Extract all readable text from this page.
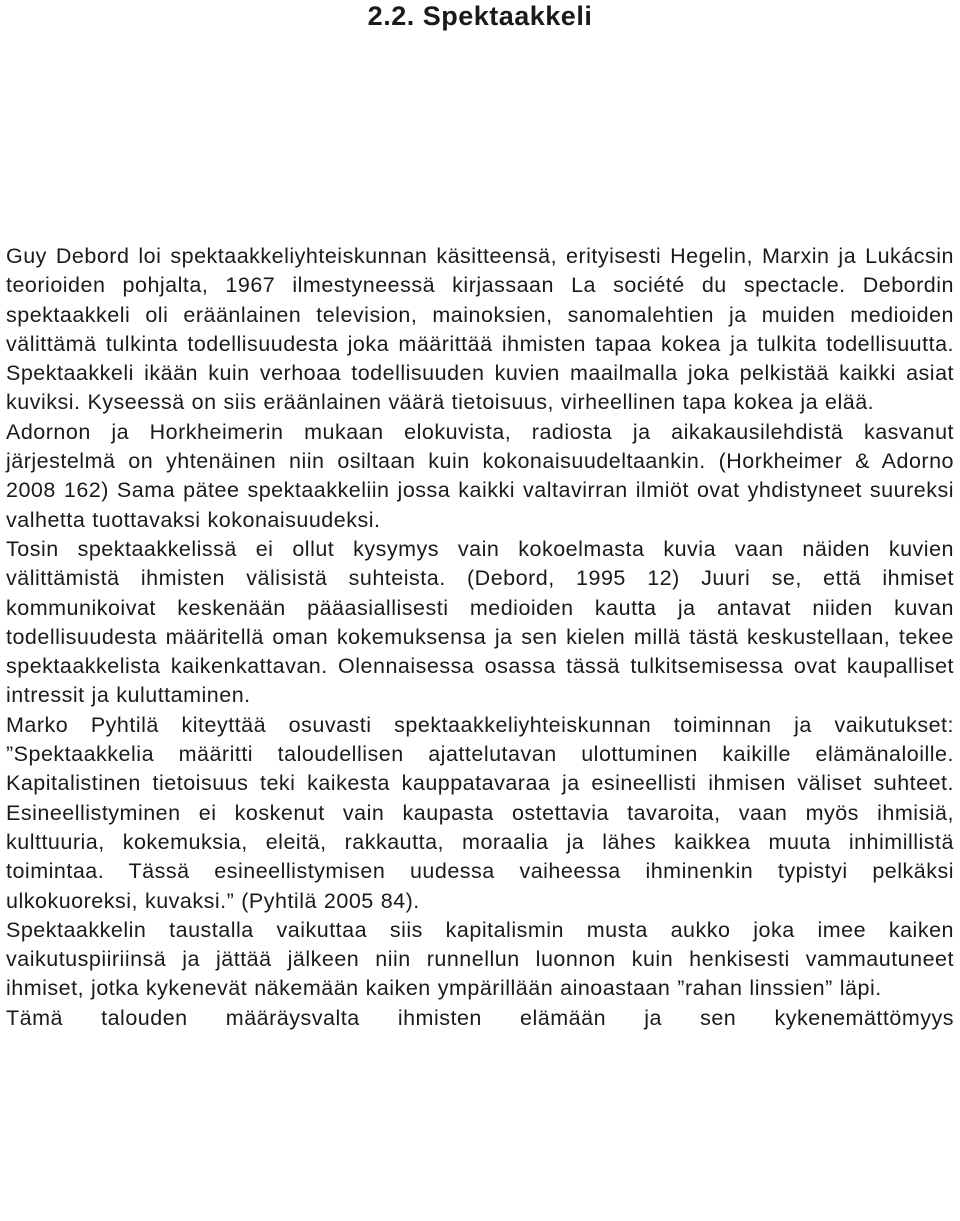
2.2. Spektaakkeli

Guy Debord loi spektaakkeliyhteiskunnan käsitteensä, erityisesti Hegelin, Marxin ja Lukácsin teorioiden pohjalta, 1967 ilmestyneessä kirjassaan La société du spectacle. Debordin spektaakkeli oli eräänlainen television, mainoksien, sanomalehtien ja muiden medioiden välittämä tulkinta todellisuudesta joka määrittää ihmisten tapaa kokea ja tulkita todellisuutta. Spektaakkeli ikään kuin verhoaa todellisuuden kuvien maailmalla joka pelkistää kaikki asiat kuviksi. Kyseessä on siis eräänlainen väärä tietoisuus, virheellinen tapa kokea ja elää.

Adornon ja Horkheimerin mukaan elokuvista, radiosta ja aikakausilehdistä kasvanut järjestelmä on yhtenäinen niin osiltaan kuin kokonaisuudeltaankin. (Horkheimer & Adorno 2008 162) Sama pätee spektaakkeliin jossa kaikki valtavirran ilmiöt ovat yhdistyneet suureksi valhetta tuottavaksi kokonaisuudeksi.

Tosin spektaakkelissä ei ollut kysymys vain kokoelmasta kuvia vaan näiden kuvien välittämistä ihmisten välisistä suhteista. (Debord, 1995 12) Juuri se, että ihmiset kommunikoivat keskenään pääasiallisesti medioiden kautta ja antavat niiden kuvan todellisuudesta määritellä oman kokemuksensa ja sen kielen millä tästä keskustellaan, tekee spektaakkelista kaikenkattavan. Olennaisessa osassa tässä tulkitsemisessa ovat kaupalliset intressit ja kuluttaminen.

Marko Pyhtilä kiteyttää osuvasti spektaakkeliyhteiskunnan toiminnan ja vaikutukset: ”Spektaakkelia määritti taloudellisen ajattelutavan ulottuminen kaikille elämänaloille. Kapitalistinen tietoisuus teki kaikesta kauppatavaraa ja esineellisti ihmisen väliset suhteet. Esineellistyminen ei koskenut vain kaupasta ostettavia tavaroita, vaan myös ihmisiä, kulttuuria, kokemuksia, eleitä, rakkautta, moraalia ja lähes kaikkea muuta inhimillistä toimintaa. Tässä esineellistymisen uudessa vaiheessa ihminenkin typistyi pelkäksi ulkokuoreksi, kuvaksi.” (Pyhtilä 2005 84).

Spektaakkelin taustalla vaikuttaa siis kapitalismin musta aukko joka imee kaiken vaikutuspiiriinsä ja jättää jälkeen niin runnellun luonnon kuin henkisesti vammautuneet ihmiset, jotka kykenevät näkemään kaiken ympärillään ainoastaan ”rahan linssien” läpi.

Tämä talouden määräysvalta ihmisten elämään ja sen kykenemättömyys
